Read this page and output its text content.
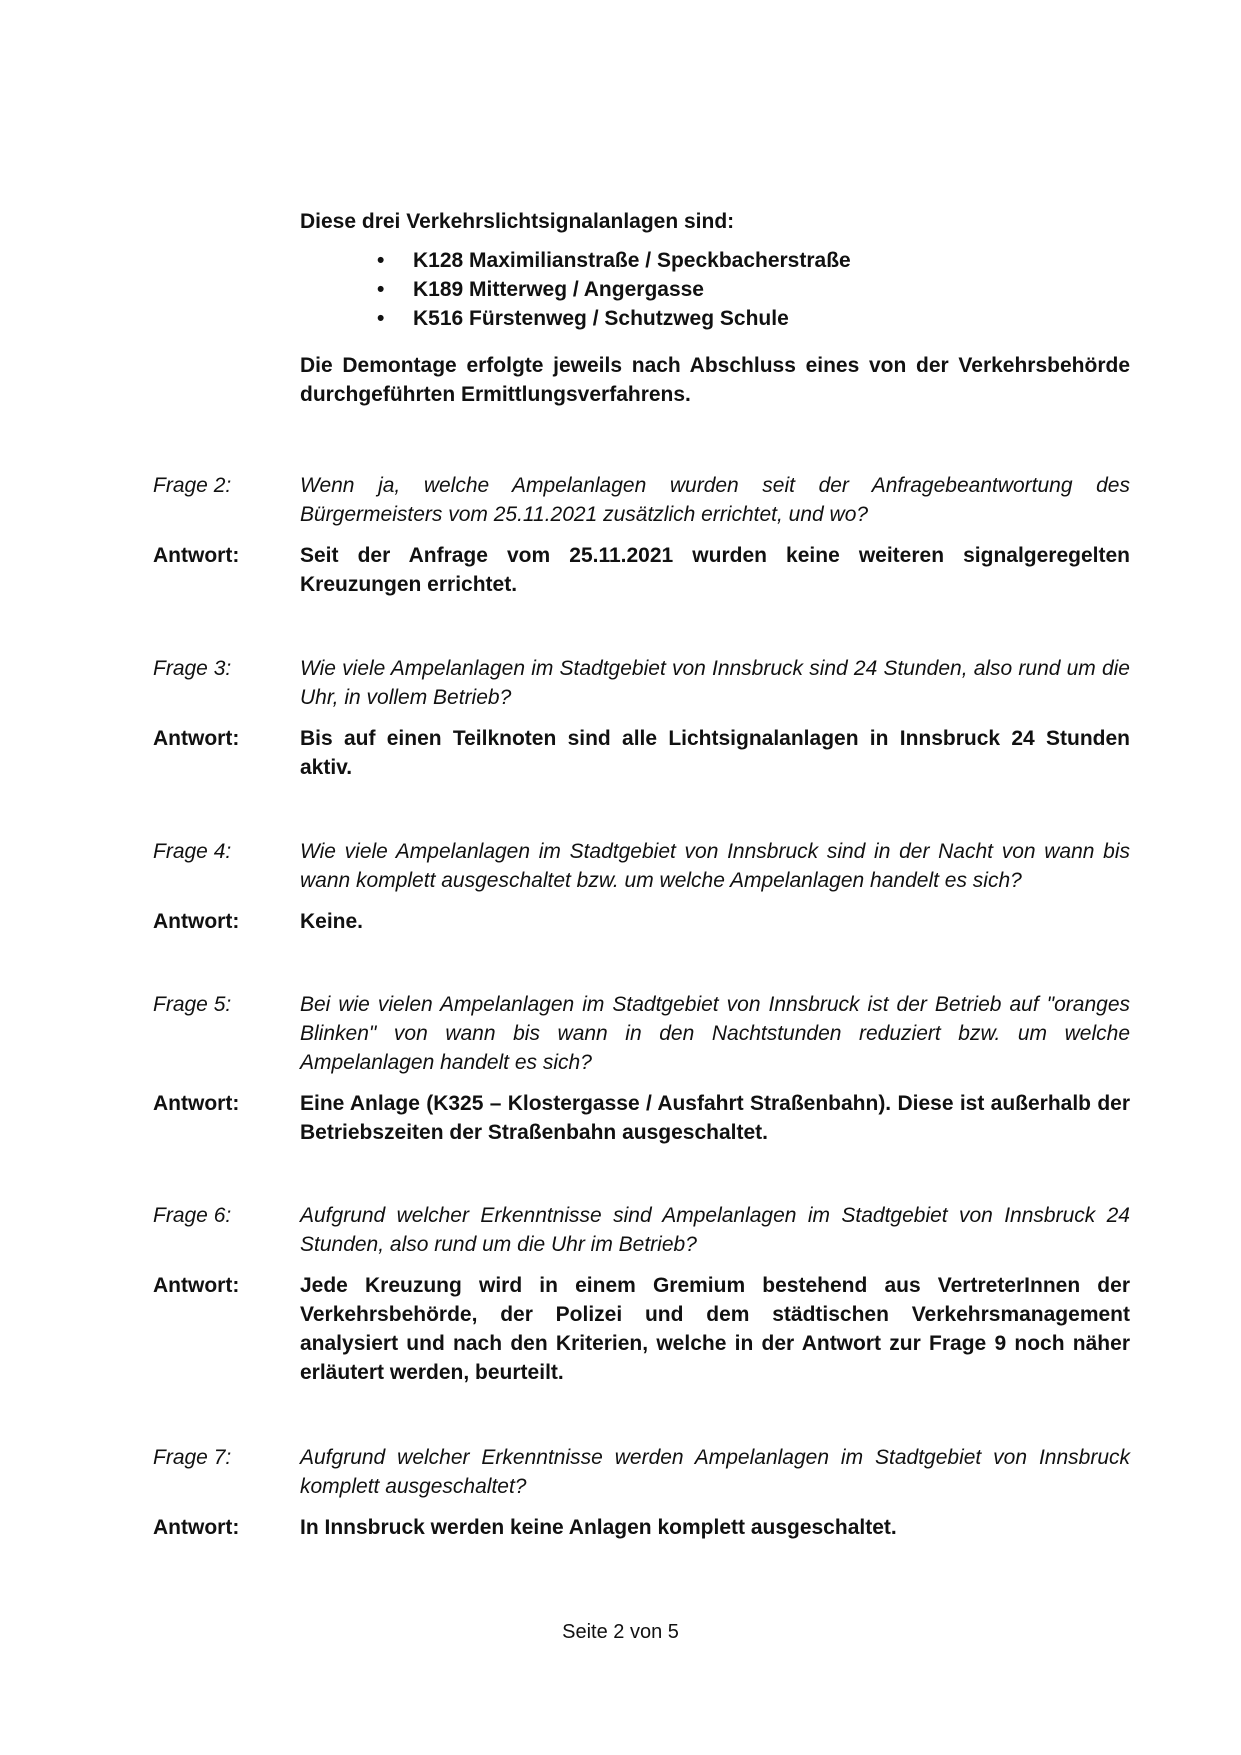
Diese drei Verkehrslichtsignalanlagen sind:

• K128 Maximilianstraße / Speckbacherstraße
• K189 Mitterweg / Angergasse
• K516 Fürstenweg / Schutzweg Schule

Die Demontage erfolgte jeweils nach Abschluss eines von der Verkehrsbehörde durchgeführten Ermittlungsverfahrens.

Frage 2:	Wenn ja, welche Ampelanlagen wurden seit der Anfragebeantwortung des Bürgermeisters vom 25.11.2021 zusätzlich errichtet, und wo?
Antwort:	Seit der Anfrage vom 25.11.2021 wurden keine weiteren signalgeregelten Kreuzungen errichtet.
Frage 3:	Wie viele Ampelanlagen im Stadtgebiet von Innsbruck sind 24 Stunden, also rund um die Uhr, in vollem Betrieb?
Antwort:	Bis auf einen Teilknoten sind alle Lichtsignalanlagen in Innsbruck 24 Stunden aktiv.
Frage 4:	Wie viele Ampelanlagen im Stadtgebiet von Innsbruck sind in der Nacht von wann bis wann komplett ausgeschaltet bzw. um welche Ampelanlagen handelt es sich?
Antwort:	Keine.
Frage 5:	Bei wie vielen Ampelanlagen im Stadtgebiet von Innsbruck ist der Betrieb auf "oranges Blinken" von wann bis wann in den Nachtstunden reduziert bzw. um welche Ampelanlagen handelt es sich?
Antwort:	Eine Anlage (K325 – Klostergasse / Ausfahrt Straßenbahn). Diese ist außerhalb der Betriebszeiten der Straßenbahn ausgeschaltet.
Frage 6:	Aufgrund welcher Erkenntnisse sind Ampelanlagen im Stadtgebiet von Innsbruck 24 Stunden, also rund um die Uhr im Betrieb?
Antwort:	Jede Kreuzung wird in einem Gremium bestehend aus VertreterInnen der Verkehrsbehörde, der Polizei und dem städtischen Verkehrsmanagement analysiert und nach den Kriterien, welche in der Antwort zur Frage 9 noch näher erläutert werden, beurteilt.
Frage 7:	Aufgrund welcher Erkenntnisse werden Ampelanlagen im Stadtgebiet von Innsbruck komplett ausgeschaltet?
Antwort:	In Innsbruck werden keine Anlagen komplett ausgeschaltet.
Seite 2 von 5
